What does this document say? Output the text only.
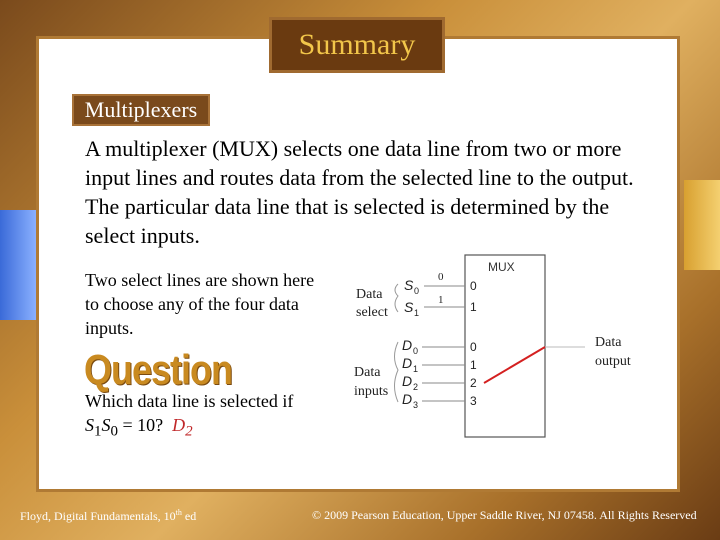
Summary
Multiplexers
A multiplexer (MUX) selects one data line from two or more input lines and routes data from the selected line to the output. The particular data line that is selected is determined by the select inputs.
Two select lines are shown here to choose any of the four data inputs.
Question
Which data line is selected if
$S_1S_0 = 10$? $D_2$
MUX
Data
select
S 0
S 1
0
1
0
1
Data
inputs
D 0	0
D 1	1
D 2	2
D 3	3
Data
output
Floyd, Digital Fundamentals, 10th ed	© 2009 Pearson Education, Upper Saddle River, NJ 07458. All Rights Reserved
